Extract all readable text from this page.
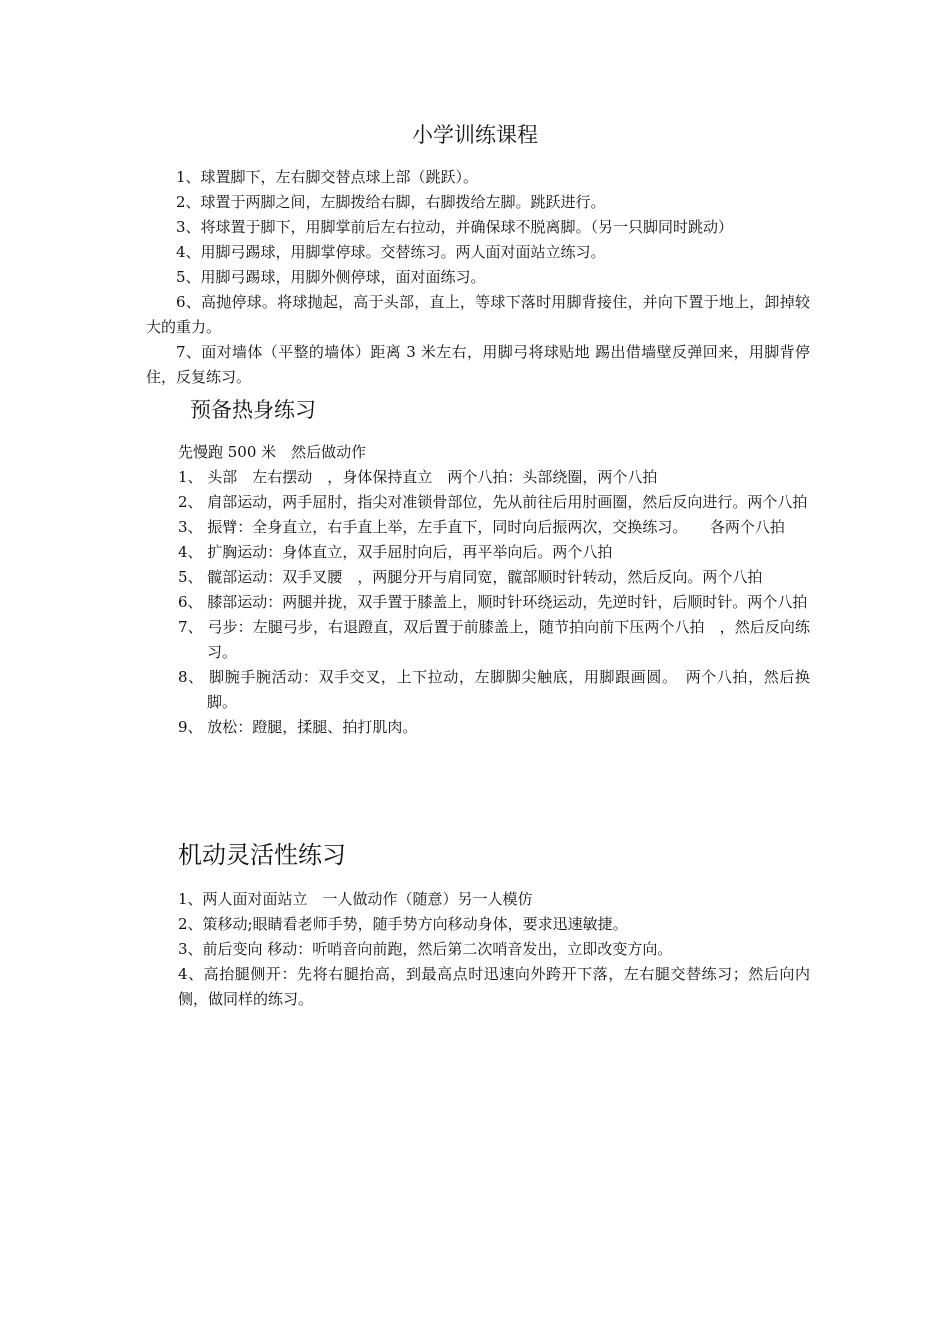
小学训练课程

1、球置脚下，左右脚交替点球上部（跳跃）。

2、球置于两脚之间，左脚拨给右脚，右脚拨给左脚。跳跃进行。

3、将球置于脚下，用脚掌前后左右拉动，并确保球不脱离脚。（另一只脚同时跳动）

4、用脚弓踢球，用脚掌停球。交替练习。两人面对面站立练习。

5、用脚弓踢球，用脚外侧停球，面对面练习。

6、高抛停球。将球抛起，高于头部，直上，等球下落时用脚背接住，并向下置于地上，卸掉较大的重力。

7、面对墙体（平整的墙体）距离 3 米左右，用脚弓将球贴地 踢出借墙壁反弹回来，用脚背停住，反复练习。

预备热身练习

先慢跑 500 米　然后做动作

1、 头部　左右摆动　，身体保持直立　两个八拍：头部绕圈，两个八拍

2、 肩部运动，两手屈肘，指尖对准锁骨部位，先从前往后用肘画圈，然后反向进行。两个八拍

3、 振臂：全身直立，右手直上举，左手直下，同时向后振两次，交换练习。　　各两个八拍

4、 扩胸运动：身体直立，双手屈肘向后，再平举向后。两个八拍

5、 髋部运动：双手叉腰　，两腿分开与肩同宽，髋部顺时针转动，然后反向。两个八拍

6、 膝部运动：两腿并拢，双手置于膝盖上，顺时针环绕运动，先逆时针，后顺时针。两个八拍

7、 弓步：左腿弓步，右退蹬直，双后置于前膝盖上，随节拍向前下压两个八拍　，然后反向练习。

8、 脚腕手腕活动：双手交叉，上下拉动，左脚脚尖触底，用脚跟画圆。　两个八拍，然后换脚。

9、 放松：蹬腿，揉腿、拍打肌肉。

机动灵活性练习

1、两人面对面站立　一人做动作（随意）另一人模仿

2、策移动;眼睛看老师手势，随手势方向移动身体，要求迅速敏捷。

3、前后变向 移动：听哨音向前跑，然后第二次哨音发出，立即改变方向。

4、高抬腿侧开：先将右腿抬高，到最高点时迅速向外跨开下落，左右腿交替练习；然后向内侧，做同样的练习。
